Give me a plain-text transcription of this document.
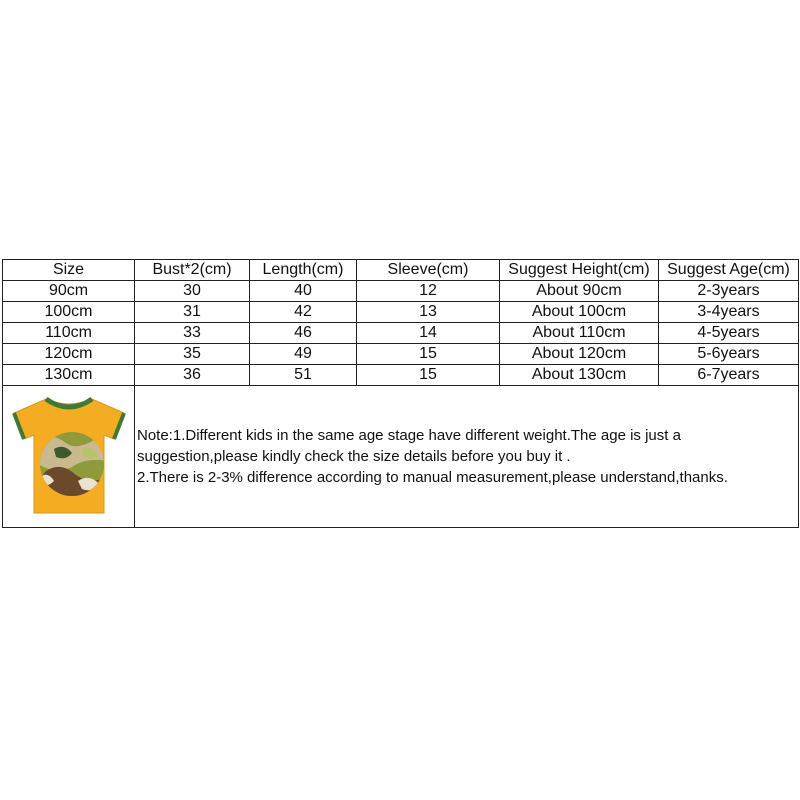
Size	Bust*2(cm)	Length(cm)	Sleeve(cm)	Suggest Height(cm)	Suggest Age(cm)
90cm	30	40	12	About 90cm	2-3years
100cm	31	42	13	About 100cm	3-4years
110cm	33	46	14	About 110cm	4-5years
120cm	35	49	15	About 120cm	5-6years
130cm	36	51	15	About 130cm	6-7years

Note:1.Different kids in the same age stage have different weight.The age is just a
suggestion,please kindly check the size details before you buy it .
2.There is 2-3% difference according to manual measurement,please understand,thanks.				
